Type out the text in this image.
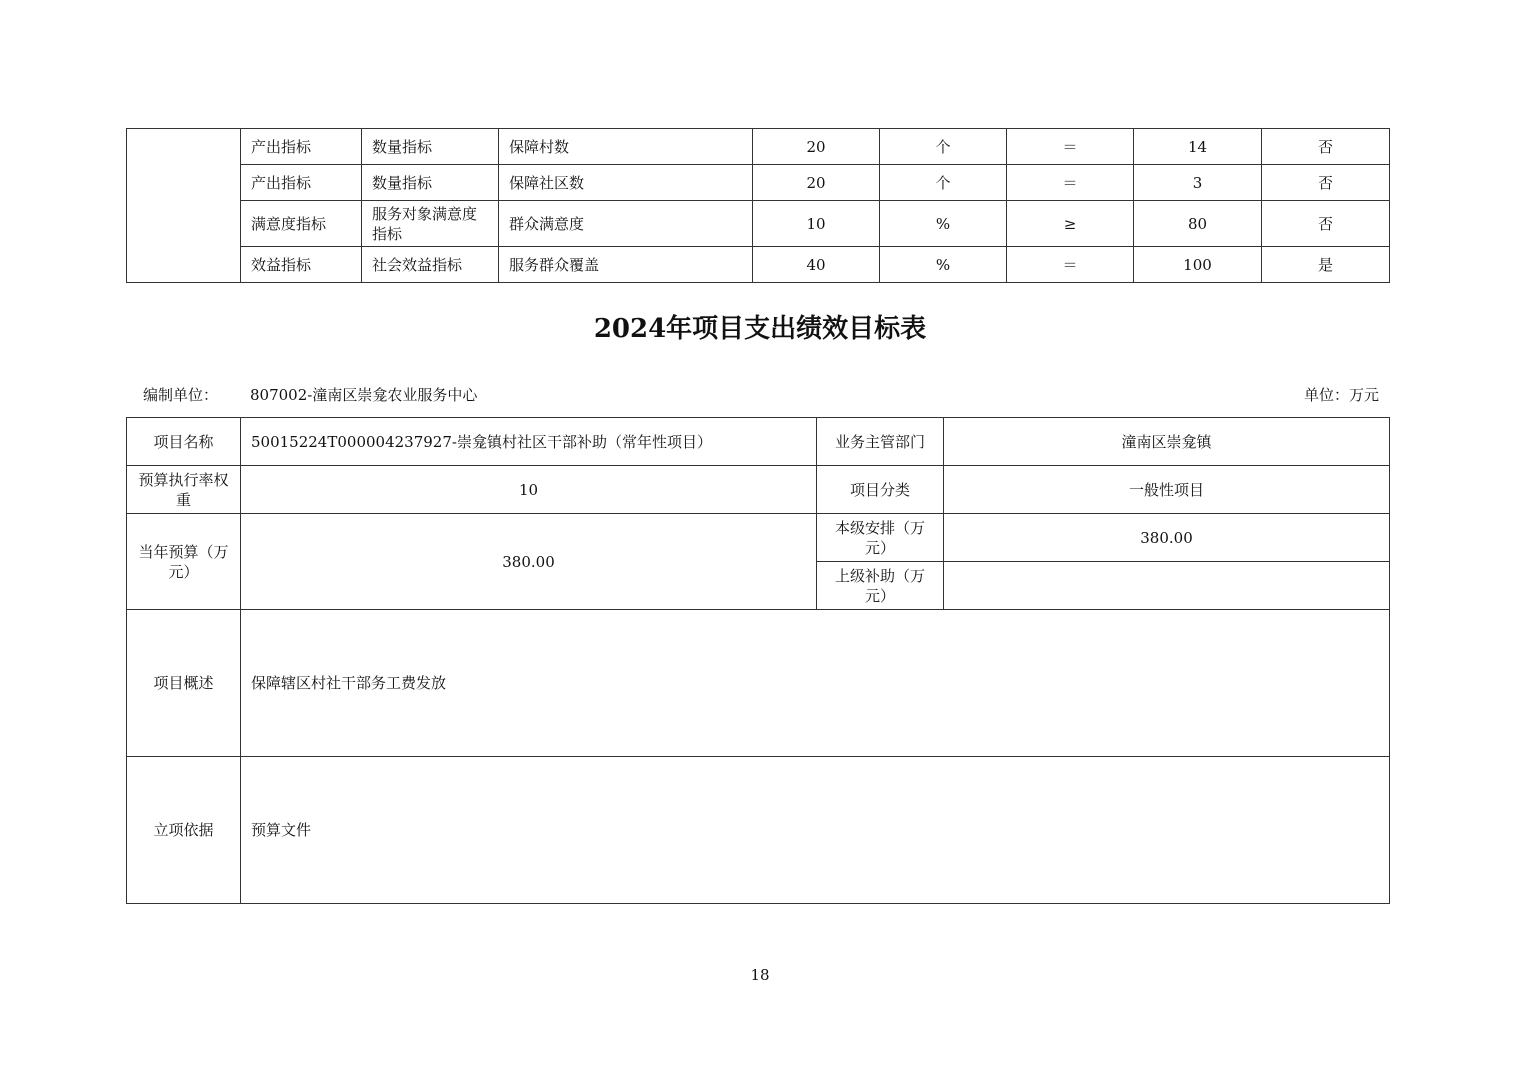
	产出指标	数量指标	保障村数	20	个	＝	14	否
	产出指标	数量指标	保障社区数	20	个	＝	3	否
	满意度指标	服务对象满意度指标	群众满意度	10	%	≥	80	否
	效益指标	社会效益指标	服务群众覆盖	40	%	＝	100	是
2024年项目支出绩效目标表
编制单位： 807002-潼南区崇龛农业服务中心	单位：万元
项目名称	50015224T000004237927-崇龛镇村社区干部补助（常年性项目）	业务主管部门	潼南区崇龛镇
预算执行率权重	10	项目分类	一般性项目
当年预算（万元）	380.00	本级安排（万元）	380.00
		上级补助（万元）	
项目概述	保障辖区村社干部务工费发放		
立项依据	预算文件		
18
